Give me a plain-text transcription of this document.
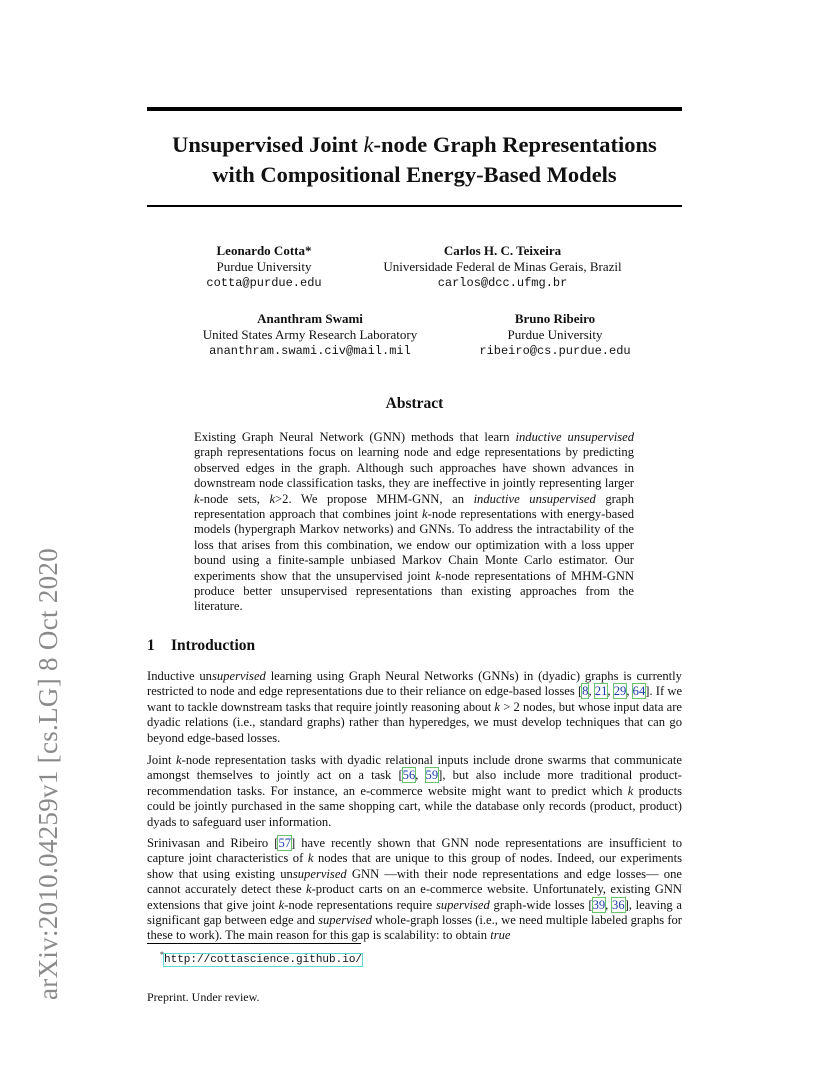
arXiv:2010.04259v1 [cs.LG] 8 Oct 2020
Unsupervised Joint k-node Graph Representations
with Compositional Energy-Based Models
Leonardo Cotta*
Purdue University
cotta@purdue.edu
Carlos H. C. Teixeira
Universidade Federal de Minas Gerais, Brazil
carlos@dcc.ufmg.br
Ananthram Swami
United States Army Research Laboratory
ananthram.swami.civ@mail.mil
Bruno Ribeiro
Purdue University
ribeiro@cs.purdue.edu
Abstract

Existing Graph Neural Network (GNN) methods that learn inductive unsupervised graph representations focus on learning node and edge representations by predicting observed edges in the graph. Although such approaches have shown advances in downstream node classification tasks, they are ineffective in jointly representing larger k-node sets, k>2. We propose MHM-GNN, an inductive unsupervised graph representation approach that combines joint k-node representations with energy-based models (hypergraph Markov networks) and GNNs. To address the intractability of the loss that arises from this combination, we endow our optimization with a loss upper bound using a finite-sample unbiased Markov Chain Monte Carlo estimator. Our experiments show that the unsupervised joint k-node representations of MHM-GNN produce better unsupervised representations than existing approaches from the literature.

1 Introduction

Inductive unsupervised learning using Graph Neural Networks (GNNs) in (dyadic) graphs is currently restricted to node and edge representations due to their reliance on edge-based losses [8, 21, 29, 64]. If we want to tackle downstream tasks that require jointly reasoning about k > 2 nodes, but whose input data are dyadic relations (i.e., standard graphs) rather than hyperedges, we must develop techniques that can go beyond edge-based losses.

Joint k-node representation tasks with dyadic relational inputs include drone swarms that communicate amongst themselves to jointly act on a task [56, 59], but also include more traditional product-recommendation tasks. For instance, an e-commerce website might want to predict which k products could be jointly purchased in the same shopping cart, while the database only records (product, product) dyads to safeguard user information.

Srinivasan and Ribeiro [57] have recently shown that GNN node representations are insufficient to capture joint characteristics of k nodes that are unique to this group of nodes. Indeed, our experiments show that using existing unsupervised GNN —with their node representations and edge losses— one cannot accurately detect these k-product carts on an e-commerce website. Unfortunately, existing GNN extensions that give joint k-node representations require supervised graph-wide losses [39, 36], leaving a significant gap between edge and supervised whole-graph losses (i.e., we need multiple labeled graphs for these to work). The main reason for this gap is scalability: to obtain true

*http://cottascience.github.io/
Preprint. Under review.
